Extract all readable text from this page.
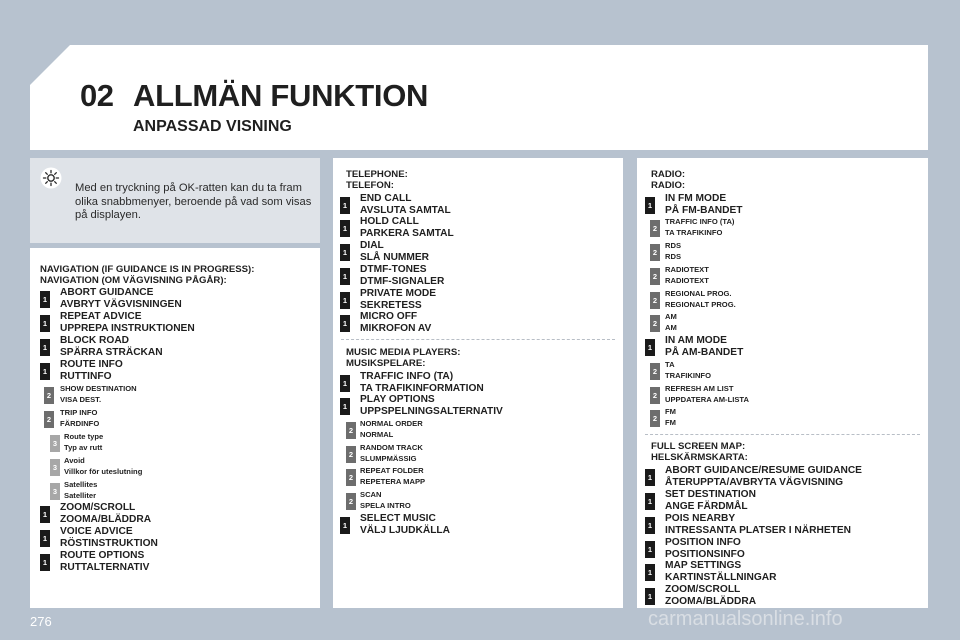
02 ALLMÄN FUNKTION
ANPASSAD VISNING
Med en tryckning på OK-ratten kan du ta fram olika snabbmenyer, beroende på vad som visas på displayen.
NAVIGATION (IF GUIDANCE IS IN PROGRESS):
NAVIGATION (OM VÄGVISNING PÅGÅR):
TELEPHONE:
TELEFON:
MUSIC MEDIA PLAYERS:
MUSIKSPELARE:
RADIO:
RADIO:
FULL SCREEN MAP:
HELSKÄRMSKARTA:
1
ABORT GUIDANCE
AVBRYT VÄGVISNINGEN
1
REPEAT ADVICE
UPPREPA INSTRUKTIONEN
1
BLOCK ROAD
SPÄRRA STRÄCKAN
1
ROUTE INFO
RUTTINFO
2
SHOW DESTINATION
VISA DEST.
2
TRIP INFO
FÄRDINFO
3
Route type
Typ av rutt
3
Avoid
Villkor för uteslutning
3
Satellites
Satelliter
1
ZOOM/SCROLL
ZOOMA/BLÄDDRA
1
VOICE ADVICE
RÖSTINSTRUKTION
1
ROUTE OPTIONS
RUTTALTERNATIV
1
END CALL
AVSLUTA SAMTAL
1
HOLD CALL
PARKERA SAMTAL
1
DIAL
SLÅ NUMMER
1
DTMF-TONES
DTMF-SIGNALER
1
PRIVATE MODE
SEKRETESS
1
MICRO OFF
MIKROFON AV
1
TRAFFIC INFO (TA)
TA TRAFIKINFORMATION
1
PLAY OPTIONS
UPPSPELNINGSALTERNATIV
2
NORMAL ORDER
NORMAL
2
RANDOM TRACK
SLUMPMÄSSIG
2
REPEAT FOLDER
REPETERA MAPP
2
SCAN
SPELA INTRO
1
SELECT MUSIC
VÄLJ LJUDKÄLLA
1
IN FM MODE
PÅ FM-BANDET
2
TRAFFIC INFO (TA)
TA TRAFIKINFO
2
RDS
RDS
2
RADIOTEXT
RADIOTEXT
2
REGIONAL PROG.
REGIONALT PROG.
2
AM
AM
1
IN AM MODE
PÅ AM-BANDET
2
TA
TRAFIKINFO
2
REFRESH AM LIST
UPPDATERA AM-LISTA
2
FM
FM
1
ABORT GUIDANCE/RESUME GUIDANCE
ÅTERUPPTA/AVBRYTA VÄGVISNING
1
SET DESTINATION
ANGE FÄRDMÅL
1
POIS NEARBY
INTRESSANTA PLATSER I NÄRHETEN
1
POSITION INFO
POSITIONSINFO
1
MAP SETTINGS
KARTINSTÄLLNINGAR
1
ZOOM/SCROLL
ZOOMA/BLÄDDRA
276	carmanualsonline.info
